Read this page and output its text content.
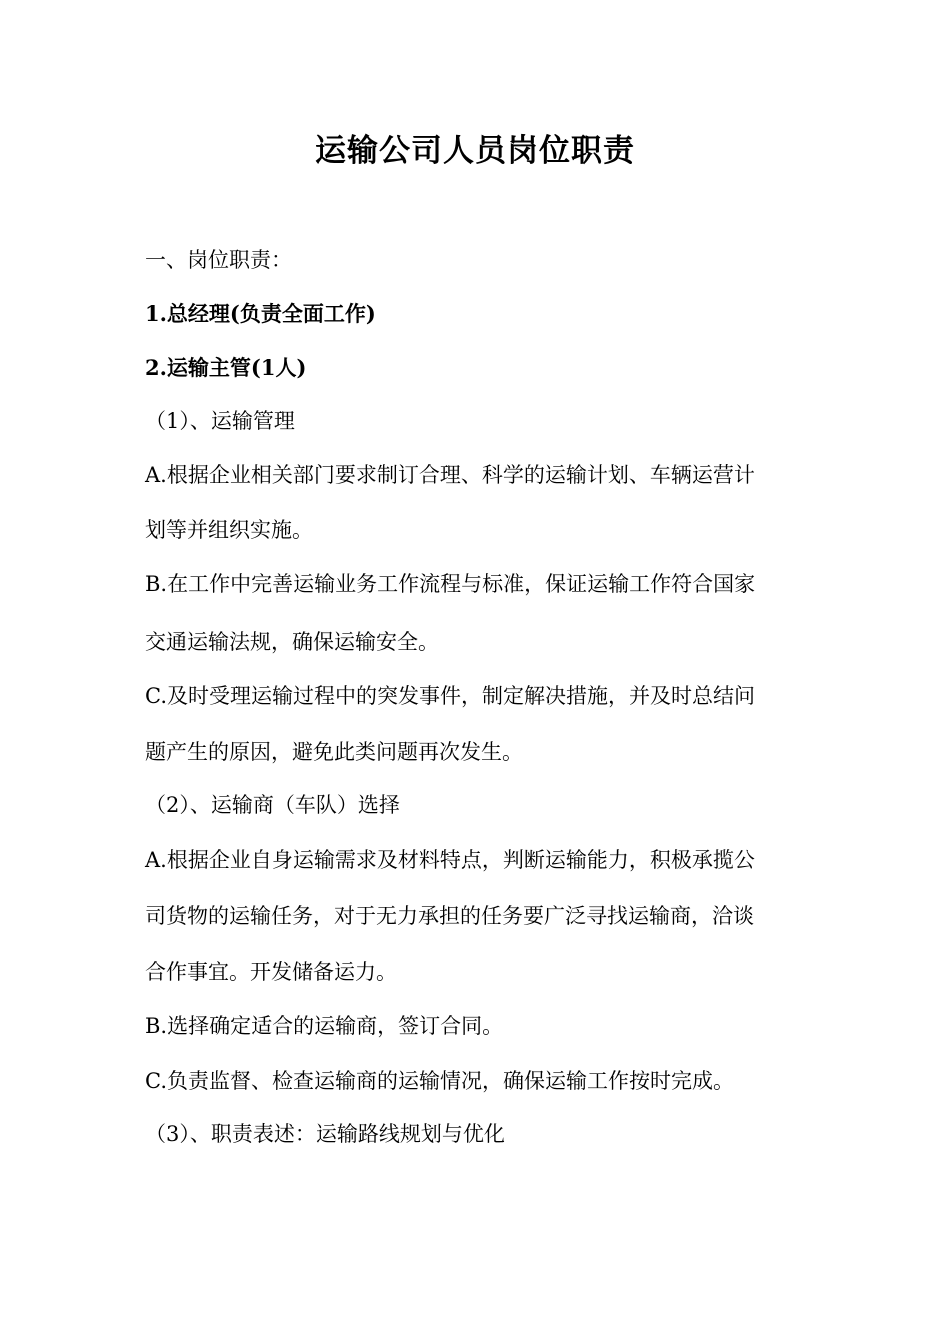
运输公司人员岗位职责
一、岗位职责：
1.总经理(负责全面工作)
2.运输主管(1人)
（1）、运输管理
A.根据企业相关部门要求制订合理、科学的运输计划、车辆运营计
划等并组织实施。
B.在工作中完善运输业务工作流程与标准，保证运输工作符合国家
交通运输法规，确保运输安全。
C.及时受理运输过程中的突发事件，制定解决措施，并及时总结问
题产生的原因，避免此类问题再次发生。
（2）、运输商（车队）选择
A.根据企业自身运输需求及材料特点，判断运输能力，积极承揽公
司货物的运输任务，对于无力承担的任务要广泛寻找运输商，洽谈
合作事宜。开发储备运力。
B.选择确定适合的运输商，签订合同。
C.负责监督、检查运输商的运输情况，确保运输工作按时完成。
（3）、职责表述：运输路线规划与优化
